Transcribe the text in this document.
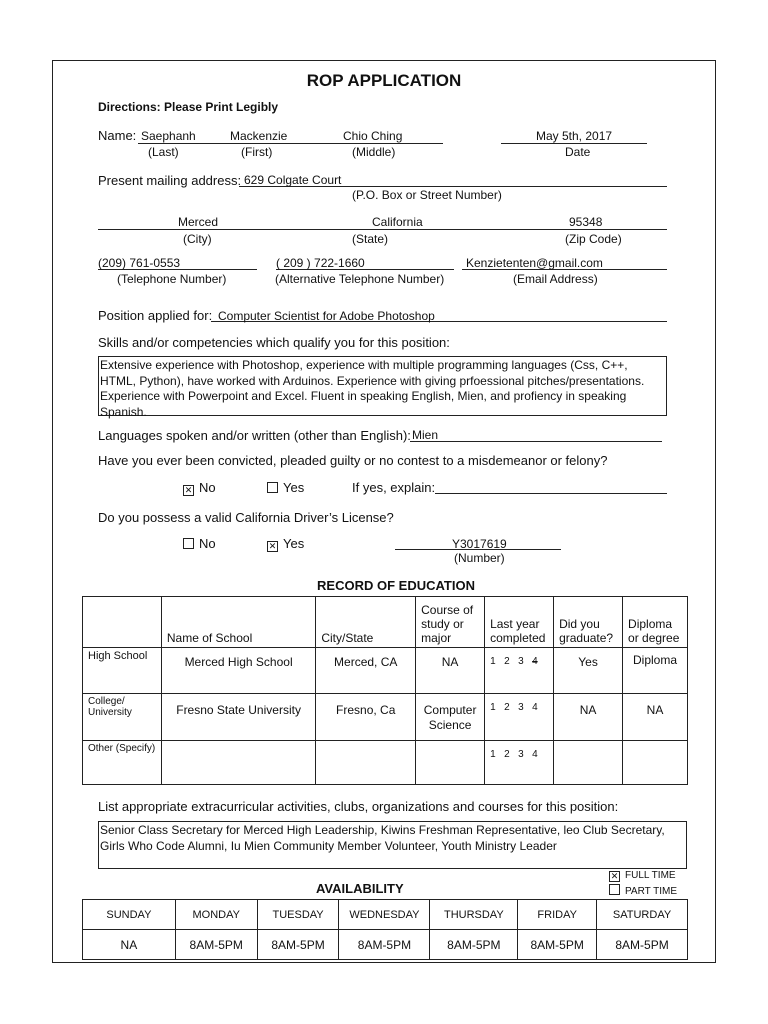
ROP APPLICATION
Directions: Please Print Legibly
Name: Saephanh	Mackenzie	Chio Ching	May 5th, 2017
(Last)	(First)	(Middle)	Date
Present mailing address: 629 Colgate Court
(P.O. Box or Street Number)
Merced	California	95348
(City)	(State)	(Zip Code)
(209) 761-0553	( 209 ) 722-1660	Kenzietenten@gmail.com
(Telephone Number)	(Alternative Telephone Number)	(Email Address)
Position applied for: Computer Scientist for Adobe Photoshop
Skills and/or competencies which qualify you for this position:
Extensive experience with Photoshop, experience with multiple programming languages (Css, C++, HTML, Python), have worked with Arduinos. Experience with giving prfoessional pitches/presentations. Experience with Powerpoint and Excel. Fluent in speaking English, Mien, and profiency in speaking Spanish.
Languages spoken and/or written (other than English): Mien
Have you ever been convicted, pleaded guilty or no contest to a misdemeanor or felony?
✕ No	Yes	If yes, explain:
Do you possess a valid California Driver’s License?
No	✕ Yes	Y3017619
(Number)
RECORD OF EDUCATION
	Name of School	City/State	Course of study or major	Last year completed	Did you graduate?	Diploma or degree
High School	Merced High School	Merced, CA	NA	1 2 3 4	Yes	Diploma
College/ University	Fresno State University	Fresno, Ca	Computer Science	1 2 3 4	NA	NA
Other (Specify)				1 2 3 4		
List appropriate extracurricular activities, clubs, organizations and courses for this position:
Senior Class Secretary for Merced High Leadership, Kiwins Freshman Representative, leo Club Secretary, Girls Who Code Alumni, Iu Mien Community Member Volunteer, Youth Ministry Leader
✕ FULL TIME
PART TIME
AVAILABILITY
SUNDAY	MONDAY	TUESDAY	WEDNESDAY	THURSDAY	FRIDAY	SATURDAY
NA	8AM-5PM	8AM-5PM	8AM-5PM	8AM-5PM	8AM-5PM	8AM-5PM
